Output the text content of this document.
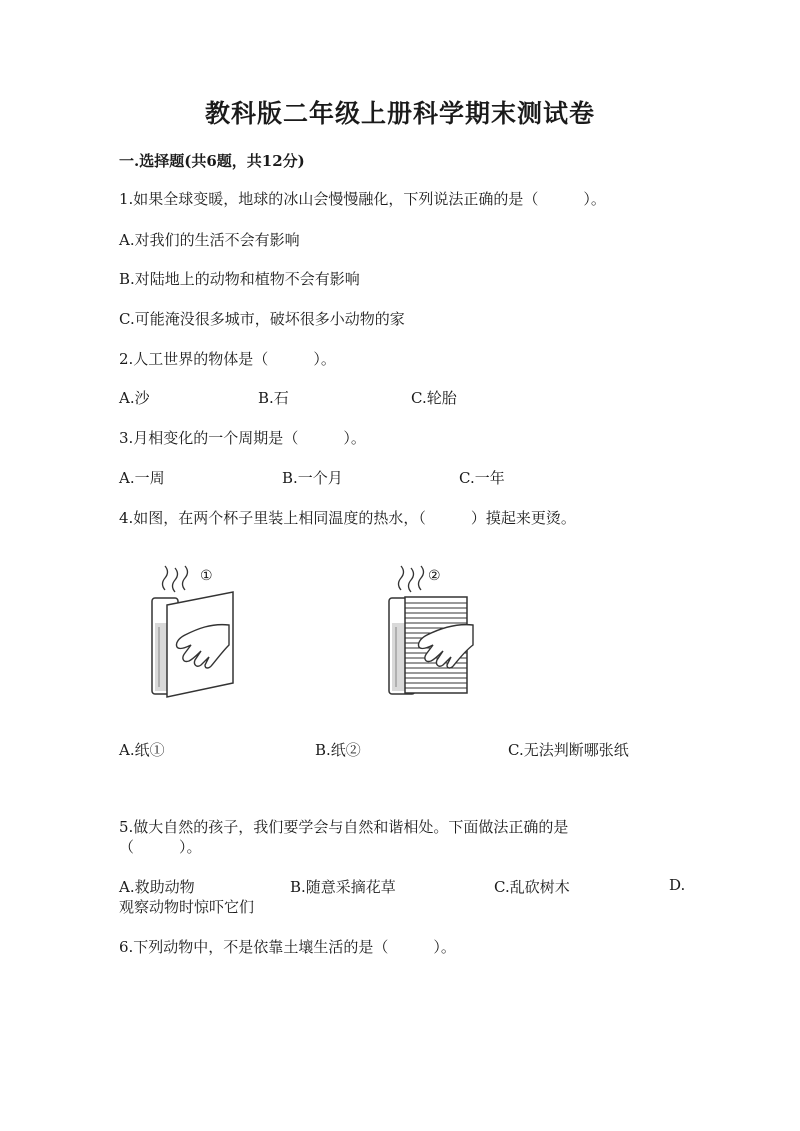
教科版二年级上册科学期末测试卷
一.选择题(共6题，共12分)
1.如果全球变暖，地球的冰山会慢慢融化，下列说法正确的是（　　　）。
A.对我们的生活不会有影响
B.对陆地上的动物和植物不会有影响
C.可能淹没很多城市，破坏很多小动物的家
2.人工世界的物体是（　　　）。
A.沙	B.石	C.轮胎
3.月相变化的一个周期是（　　　）。
A.一周	B.一个月	C.一年
4.如图，在两个杯子里装上相同温度的热水，（　　　）摸起来更烫。
①	②
A.纸①	B.纸②	C.无法判断哪张纸
5.做大自然的孩子，我们要学会与自然和谐相处。下面做法正确的是
（　　　）。
A.救助动物	B.随意采摘花草	C.乱砍树木	D.
观察动物时惊吓它们
6.下列动物中，不是依靠土壤生活的是（　　　）。
